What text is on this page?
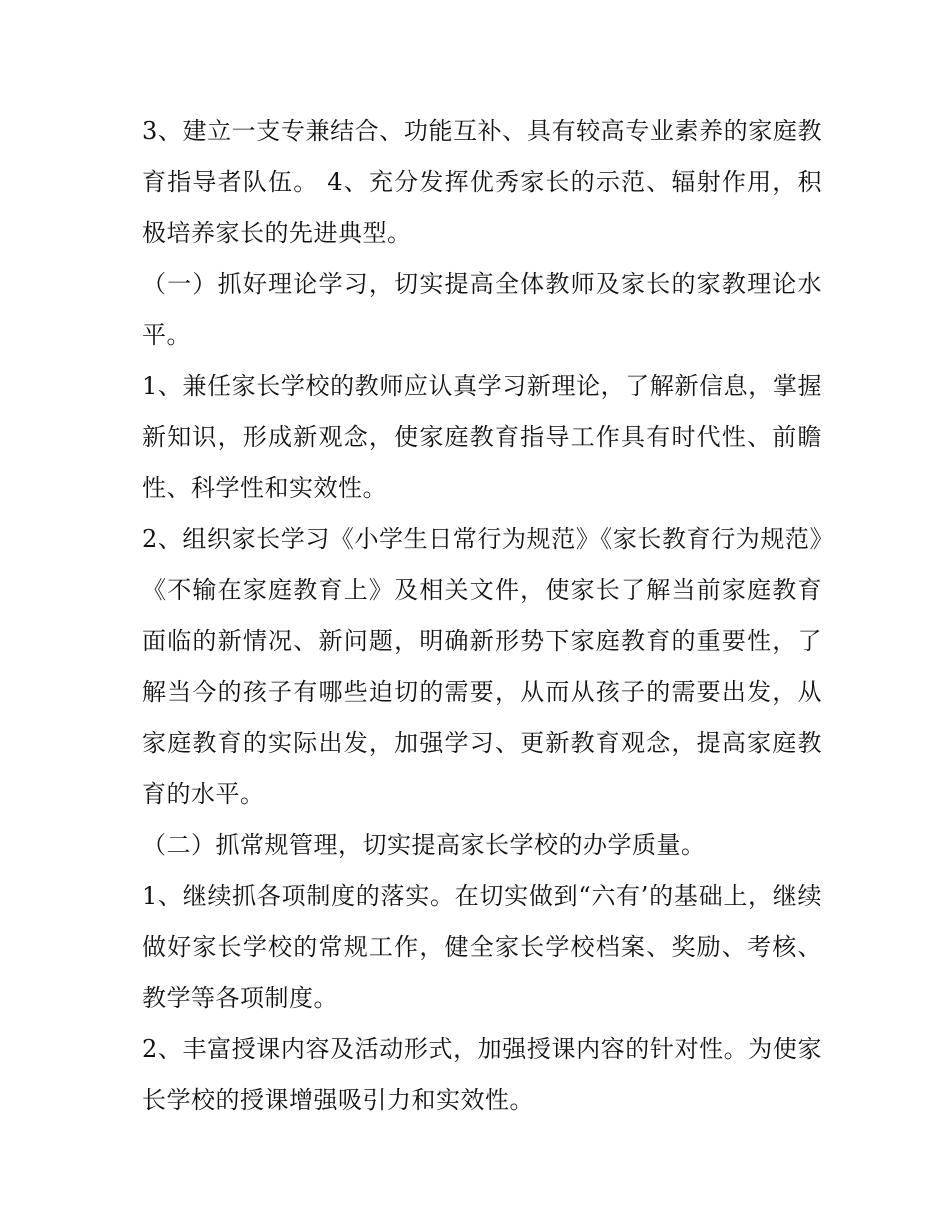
3、建立一支专兼结合、功能互补、具有较高专业素养的家庭教育指导者队伍。 4、充分发挥优秀家长的示范、辐射作用，积极培养家长的先进典型。

（一）抓好理论学习，切实提高全体教师及家长的家教理论水平。

1、兼任家长学校的教师应认真学习新理论，了解新信息，掌握新知识，形成新观念，使家庭教育指导工作具有时代性、前瞻性、科学性和实效性。

2、组织家长学习《小学生日常行为规范》《家长教育行为规范》《不输在家庭教育上》及相关文件，使家长了解当前家庭教育面临的新情况、新问题，明确新形势下家庭教育的重要性，了解当今的孩子有哪些迫切的需要，从而从孩子的需要出发，从家庭教育的实际出发，加强学习、更新教育观念，提高家庭教育的水平。

（二）抓常规管理，切实提高家长学校的办学质量。

1、继续抓各项制度的落实。在切实做到“六有’的基础上，继续做好家长学校的常规工作，健全家长学校档案、奖励、考核、教学等各项制度。

2、丰富授课内容及活动形式，加强授课内容的针对性。为使家长学校的授课增强吸引力和实效性。
